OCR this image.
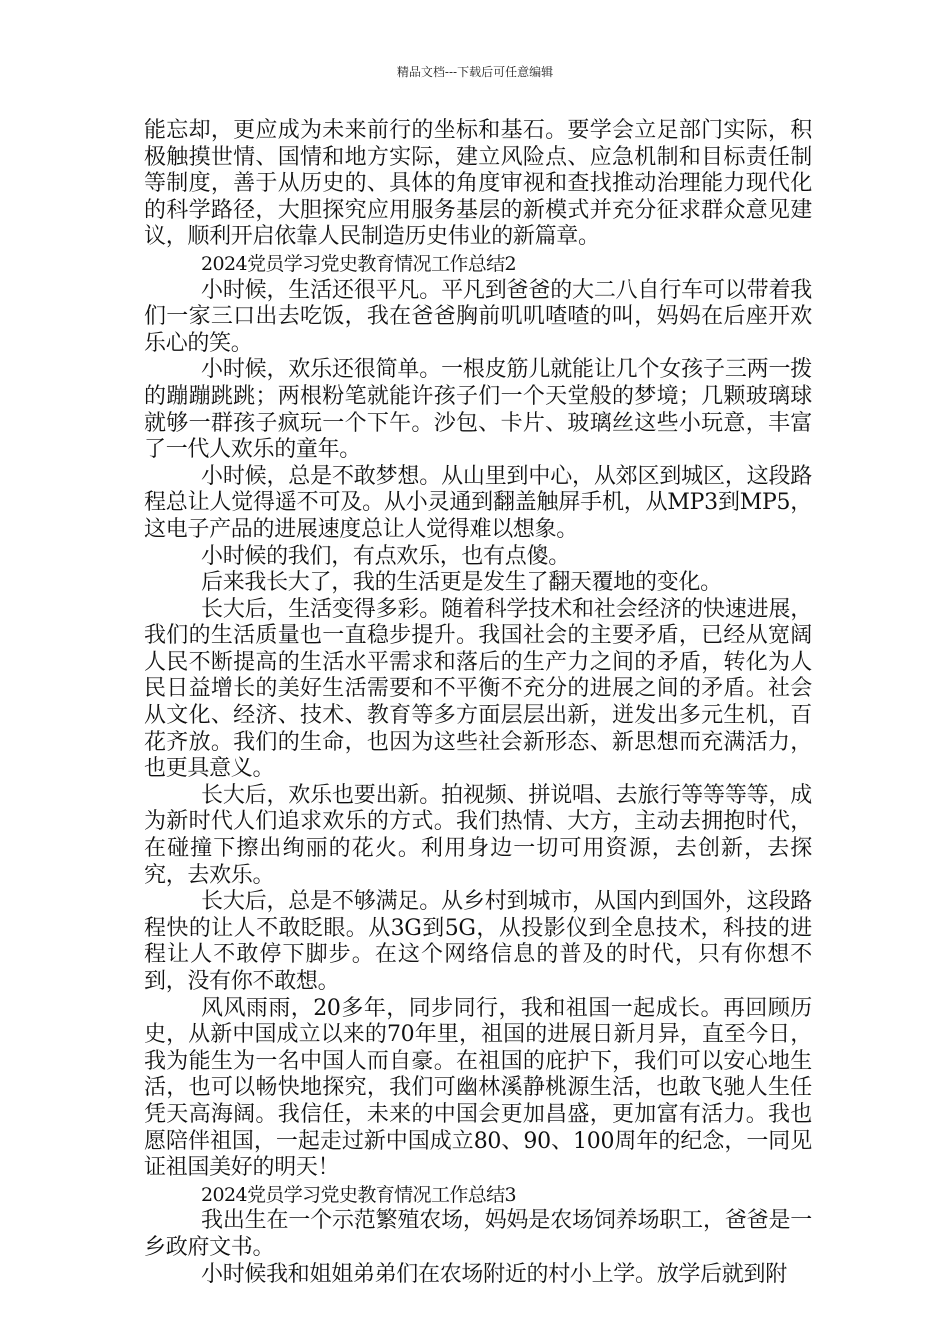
精品文档---下载后可任意编辑

能忘却，更应成为未来前行的坐标和基石。要学会立足部门实际，积极触摸世情、国情和地方实际，建立风险点、应急机制和目标责任制等制度，善于从历史的、具体的角度审视和查找推动治理能力现代化的科学路径，大胆探究应用服务基层的新模式并充分征求群众意见建议，顺利开启依靠人民制造历史伟业的新篇章。

2024党员学习党史教育情况工作总结2

小时候，生活还很平凡。平凡到爸爸的大二八自行车可以带着我们一家三口出去吃饭，我在爸爸胸前叽叽喳喳的叫，妈妈在后座开欢乐心的笑。

小时候，欢乐还很简单。一根皮筋儿就能让几个女孩子三两一拨的蹦蹦跳跳；两根粉笔就能许孩子们一个天堂般的梦境；几颗玻璃球就够一群孩子疯玩一个下午。沙包、卡片、玻璃丝这些小玩意，丰富了一代人欢乐的童年。

小时候，总是不敢梦想。从山里到中心，从郊区到城区，这段路程总让人觉得遥不可及。从小灵通到翻盖触屏手机，从MP3到MP5，这电子产品的进展速度总让人觉得难以想象。

小时候的我们，有点欢乐，也有点傻。

后来我长大了，我的生活更是发生了翻天覆地的变化。

长大后，生活变得多彩。随着科学技术和社会经济的快速进展，我们的生活质量也一直稳步提升。我国社会的主要矛盾，已经从宽阔人民不断提高的生活水平需求和落后的生产力之间的矛盾，转化为人民日益增长的美好生活需要和不平衡不充分的进展之间的矛盾。社会从文化、经济、技术、教育等多方面层层出新，迸发出多元生机，百花齐放。我们的生命，也因为这些社会新形态、新思想而充满活力，也更具意义。

长大后，欢乐也要出新。拍视频、拼说唱、去旅行等等等等，成为新时代人们追求欢乐的方式。我们热情、大方，主动去拥抱时代，在碰撞下擦出绚丽的花火。利用身边一切可用资源，去创新，去探究，去欢乐。

长大后，总是不够满足。从乡村到城市，从国内到国外，这段路程快的让人不敢眨眼。从3G到5G，从投影仪到全息技术，科技的进程让人不敢停下脚步。在这个网络信息的普及的时代，只有你想不到，没有你不敢想。

风风雨雨，20多年，同步同行，我和祖国一起成长。再回顾历史，从新中国成立以来的70年里，祖国的进展日新月异，直至今日，我为能生为一名中国人而自豪。在祖国的庇护下，我们可以安心地生活，也可以畅快地探究，我们可幽林溪静桃源生活，也敢飞驰人生任凭天高海阔。我信任，未来的中国会更加昌盛，更加富有活力。我也愿陪伴祖国，一起走过新中国成立80、90、100周年的纪念，一同见证祖国美好的明天！

2024党员学习党史教育情况工作总结3

我出生在一个示范繁殖农场，妈妈是农场饲养场职工，爸爸是一乡政府文书。

小时候我和姐姐弟弟们在农场附近的村小上学。放学后就到附
